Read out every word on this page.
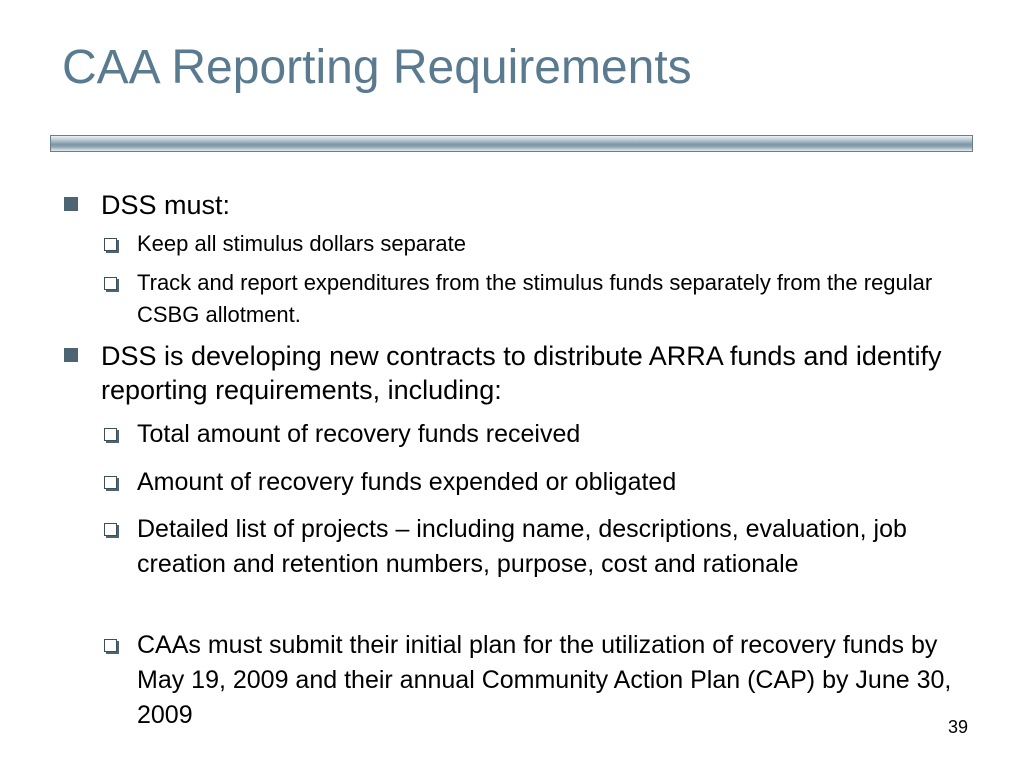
CAA Reporting Requirements
DSS must:
Keep all stimulus dollars separate
Track and report expenditures from the stimulus funds separately from the regular CSBG allotment.
DSS is developing new contracts to distribute ARRA funds and identify reporting requirements, including:
Total amount of recovery funds received
Amount of recovery funds expended or obligated
Detailed list of projects – including name, descriptions, evaluation, job creation and retention numbers, purpose, cost and rationale
CAAs must submit their initial plan for the utilization of recovery funds by May 19, 2009 and their annual Community Action Plan (CAP) by June 30, 2009	39
